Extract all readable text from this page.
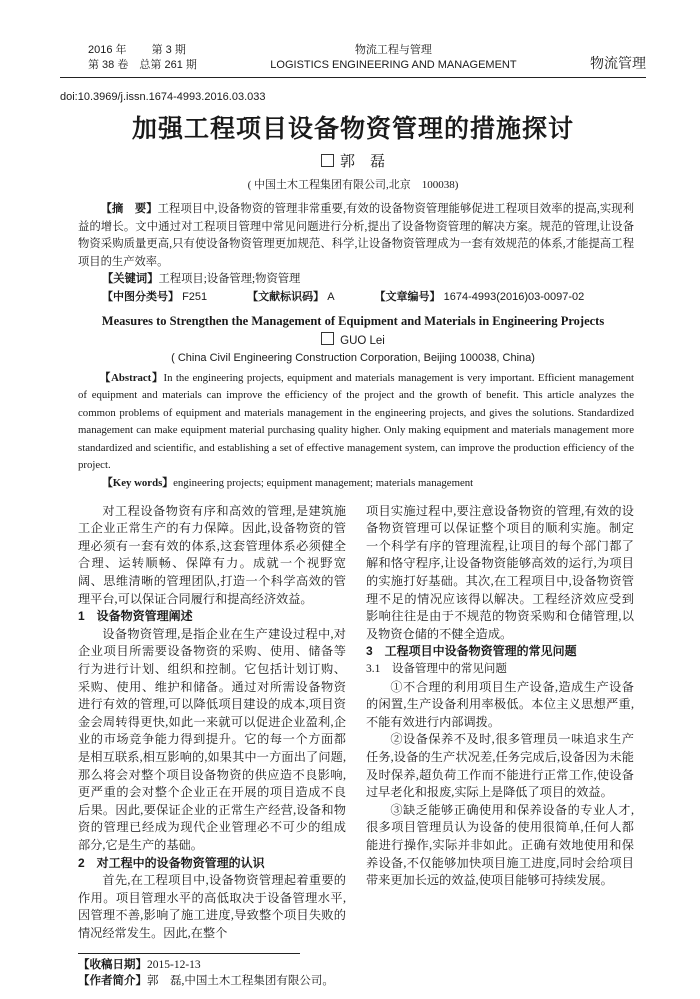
2016 年 第 3 期
第 38 卷 总第 261 期
物流工程与管理
LOGISTICS ENGINEERING AND MANAGEMENT	物流管理
doi:10.3969/j.issn.1674-4993.2016.03.033
加强工程项目设备物资管理的措施探讨
郭　磊
( 中国土木工程集团有限公司,北京　100038)
【摘　要】工程项目中,设备物资的管理非常重要,有效的设备物资管理能够促进工程项目效率的提高,实现利益的增长。文中通过对工程项目管理中常见问题进行分析,提出了设备物资管理的解决方案。规范的管理,让设备物资采购质量更高,只有使设备物资管理更加规范、科学,让设备物资管理成为一套有效规范的体系,才能提高工程项目的生产效率。
【关键词】工程项目;设备管理;物资管理
【中图分类号】 F251	【文献标识码】 A	【文章编号】 1674-4993(2016)03-0097-02
Measures to Strengthen the Management of Equipment and Materials in Engineering Projects
GUO Lei
( China Civil Engineering Construction Corporation, Beijing 100038, China)
【Abstract】In the engineering projects, equipment and materials management is very important. Efficient management of equipment and materials can improve the efficiency of the project and the growth of benefit. This article analyzes the common problems of equipment and materials management in the engineering projects, and gives the solutions. Standardized management can make equipment material purchasing quality higher. Only making equipment and materials management more standardized and scientific, and establishing a set of effective management system, can improve the production efficiency of the project.
【Key words】engineering projects; equipment management; materials management

对工程设备物资有序和高效的管理,是建筑施工企业正常生产的有力保障。因此,设备物资的管理必须有一套有效的体系,这套管理体系必须健全合理、运转顺畅、保障有力。成就一个视野宽阔、思维清晰的管理团队,打造一个科学高效的管理平台,可以保证合同履行和提高经济效益。

1　设备物资管理阐述

设备物资管理,是指企业在生产建设过程中,对企业项目所需要设备物资的采购、使用、储备等行为进行计划、组织和控制。它包括计划订购、采购、使用、维护和储备。通过对所需设备物资进行有效的管理,可以降低项目建设的成本,项目资金会周转得更快,如此一来就可以促进企业盈利,企业的市场竞争能力得到提升。它的每一个方面都是相互联系,相互影响的,如果其中一方面出了问题,那么将会对整个项目设备物资的供应造不良影响,更严重的会对整个企业正在开展的项目造成不良后果。因此,要保证企业的正常生产经营,设备和物资的管理已经成为现代企业管理必不可少的组成部分,它是生产的基础。

2　对工程中的设备物资管理的认识

首先,在工程项目中,设备物资管理起着重要的作用。项目管理水平的高低取决于设备管理水平,因管理不善,影响了施工进度,导致整个项目失败的情况经常发生。因此,在整个

项目实施过程中,要注意设备物资的管理,有效的设备物资管理可以保证整个项目的顺利实施。制定一个科学有序的管理流程,让项目的每个部门都了解和恪守程序,让设备物资能够高效的运行,为项目的实施打好基础。其次,在工程项目中,设备物资管理不足的情况应该得以解决。工程经济效应受到影响往往是由于不规范的物资采购和仓储管理,以及物资仓储的不健全造成。

3　工程项目中设备物资管理的常见问题

3.1　设备管理中的常见问题

①不合理的利用项目生产设备,造成生产设备的闲置,生产设备利用率极低。本位主义思想严重,不能有效进行内部调拨。

②设备保养不及时,很多管理员一味追求生产任务,设备的生产状况差,任务完成后,设备因为未能及时保养,超负荷工作而不能进行正常工作,使设备过早老化和报废,实际上是降低了项目的效益。

③缺乏能够正确使用和保养设备的专业人才,很多项目管理员认为设备的使用很简单,任何人都能进行操作,实际并非如此。正确有效地使用和保养设备,不仅能够加快项目施工进度,同时会给项目带来更加长远的效益,使项目能够可持续发展。

【收稿日期】2015-12-13
【作者简介】郭　磊,中国土木工程集团有限公司。
